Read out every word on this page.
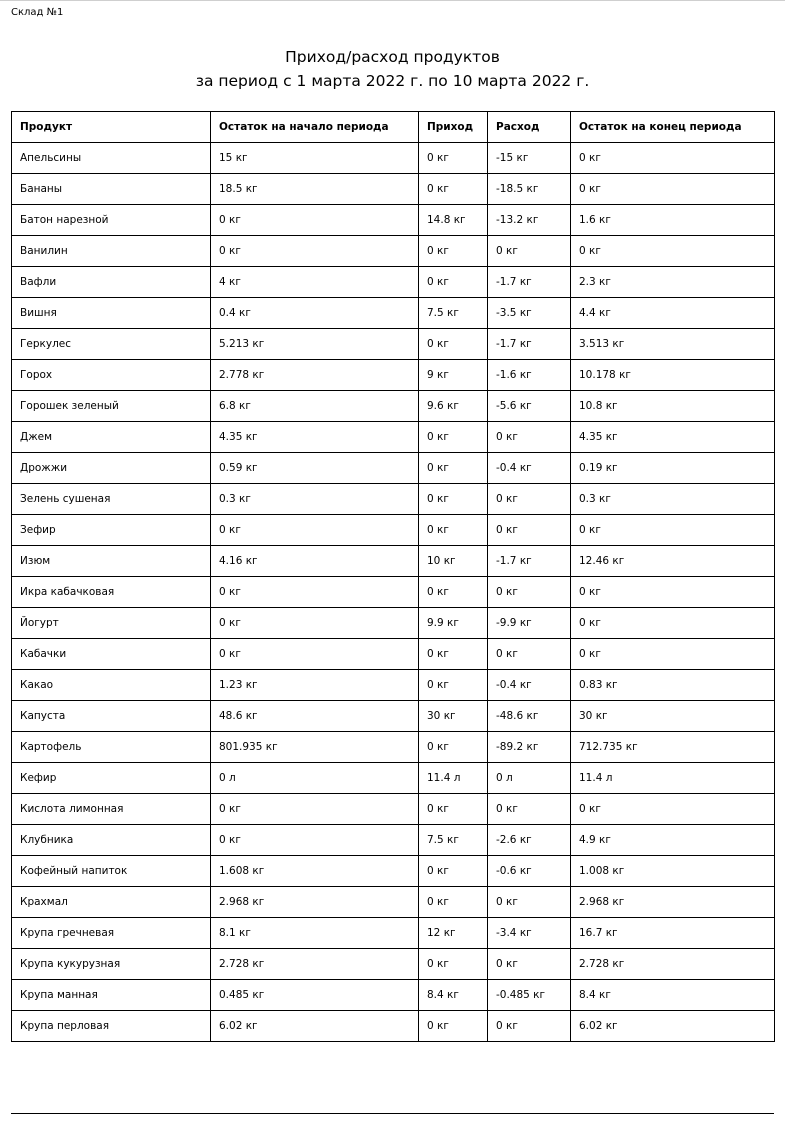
Склад №1
Приход/расход продуктов
за период с 1 марта 2022 г. по 10 марта 2022 г.
Продукт	Остаток на начало периода	Приход	Расход	Остаток на конец периода
Апельсины	15 кг	0 кг	-15 кг	0 кг
Бананы	18.5 кг	0 кг	-18.5 кг	0 кг
Батон нарезной	0 кг	14.8 кг	-13.2 кг	1.6 кг
Ванилин	0 кг	0 кг	0 кг	0 кг
Вафли	4 кг	0 кг	-1.7 кг	2.3 кг
Вишня	0.4 кг	7.5 кг	-3.5 кг	4.4 кг
Геркулес	5.213 кг	0 кг	-1.7 кг	3.513 кг
Горох	2.778 кг	9 кг	-1.6 кг	10.178 кг
Горошек зеленый	6.8 кг	9.6 кг	-5.6 кг	10.8 кг
Джем	4.35 кг	0 кг	0 кг	4.35 кг
Дрожжи	0.59 кг	0 кг	-0.4 кг	0.19 кг
Зелень сушеная	0.3 кг	0 кг	0 кг	0.3 кг
Зефир	0 кг	0 кг	0 кг	0 кг
Изюм	4.16 кг	10 кг	-1.7 кг	12.46 кг
Икра кабачковая	0 кг	0 кг	0 кг	0 кг
Йогурт	0 кг	9.9 кг	-9.9 кг	0 кг
Кабачки	0 кг	0 кг	0 кг	0 кг
Какао	1.23 кг	0 кг	-0.4 кг	0.83 кг
Капуста	48.6 кг	30 кг	-48.6 кг	30 кг
Картофель	801.935 кг	0 кг	-89.2 кг	712.735 кг
Кефир	0 л	11.4 л	0 л	11.4 л
Кислота лимонная	0 кг	0 кг	0 кг	0 кг
Клубника	0 кг	7.5 кг	-2.6 кг	4.9 кг
Кофейный напиток	1.608 кг	0 кг	-0.6 кг	1.008 кг
Крахмал	2.968 кг	0 кг	0 кг	2.968 кг
Крупа гречневая	8.1 кг	12 кг	-3.4 кг	16.7 кг
Крупа кукурузная	2.728 кг	0 кг	0 кг	2.728 кг
Крупа манная	0.485 кг	8.4 кг	-0.485 кг	8.4 кг
Крупа перловая	6.02 кг	0 кг	0 кг	6.02 кг
